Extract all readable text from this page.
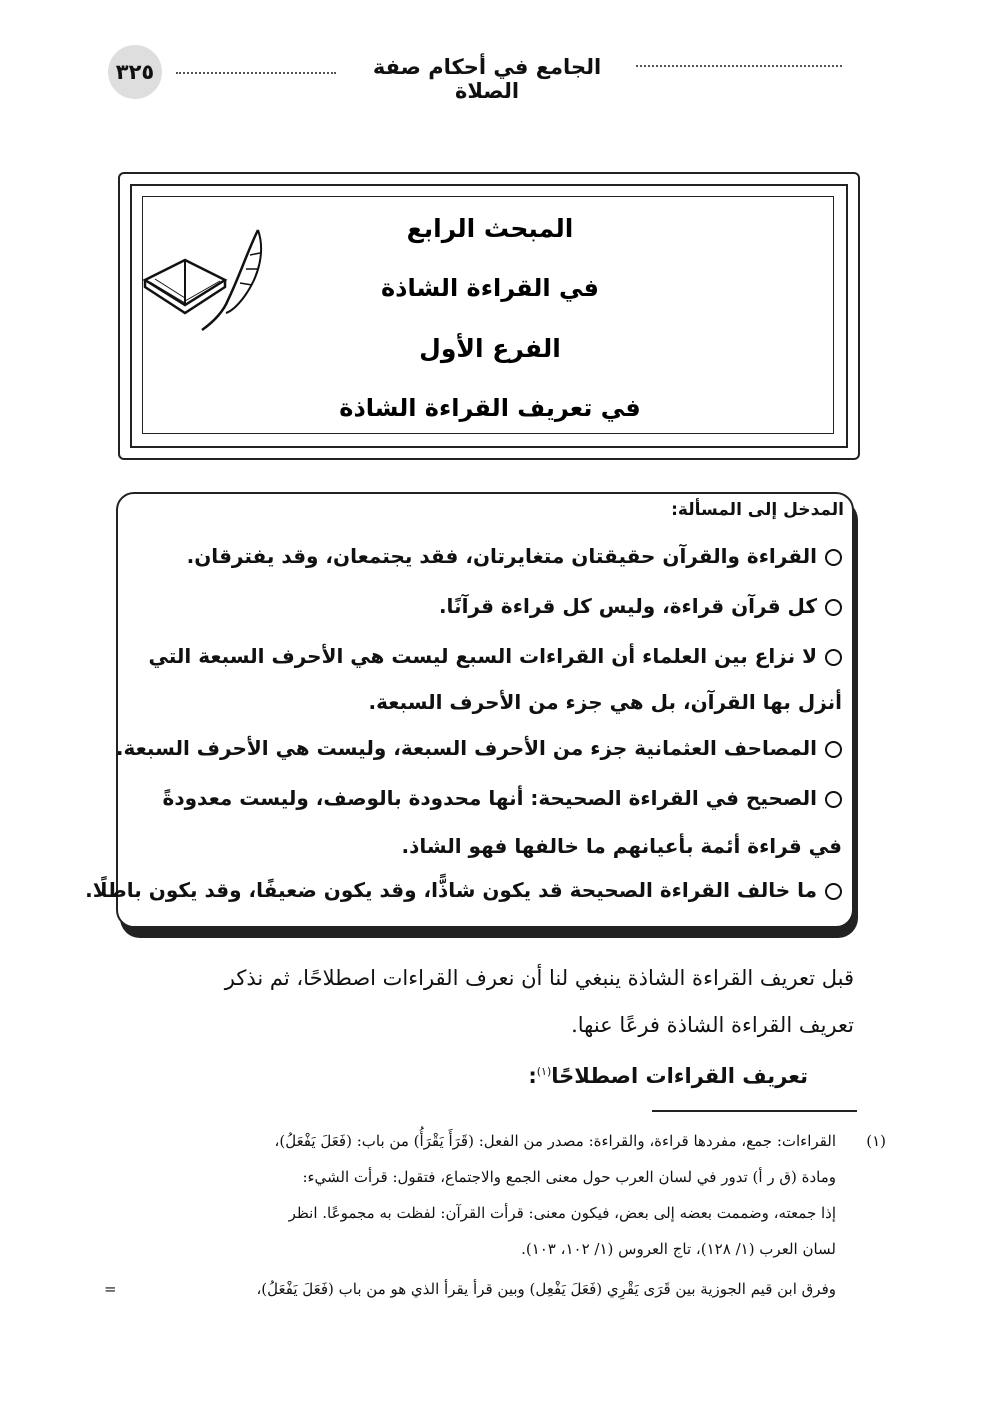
٣٢٥	الجامع في أحكام صفة الصلاة
المبحث الرابع
في القراءة الشاذة
الفرع الأول
في تعريف القراءة الشاذة
المدخل إلى المسألة:
القراءة والقرآن حقيقتان متغايرتان، فقد يجتمعان، وقد يفترقان.
كل قرآن قراءة، وليس كل قراءة قرآنًا.
لا نزاع بين العلماء أن القراءات السبع ليست هي الأحرف السبعة التي
أنزل بها القرآن، بل هي جزء من الأحرف السبعة.
المصاحف العثمانية جزء من الأحرف السبعة، وليست هي الأحرف السبعة.
الصحيح في القراءة الصحيحة: أنها محدودة بالوصف، وليست معدودةً
في قراءة أئمة بأعيانهم ما خالفها فهو الشاذ.
ما خالف القراءة الصحيحة قد يكون شاذًّا، وقد يكون ضعيفًا، وقد يكون باطلًا.
قبل تعريف القراءة الشاذة ينبغي لنا أن نعرف القراءات اصطلاحًا، ثم نذكر
تعريف القراءة الشاذة فرعًا عنها.
تعريف القراءات اصطلاحًا$^{(١)}$:
(١)
القراءات: جمع، مفردها قراءة، والقراءة: مصدر من الفعل: (قَرَأَ يَقْرَأُ) من باب: (فَعَلَ يَفْعَلُ)،
ومادة (ق ر أ) تدور في لسان العرب حول معنى الجمع والاجتماع، فتقول: قرأت الشيء:
إذا جمعته، وضممت بعضه إلى بعض، فيكون معنى: قرأت القرآن: لفظت به مجموعًا. انظر
لسان العرب (١/ ١٢٨)، تاج العروس (١/ ١٠٢، ١٠٣).
وفرق ابن قيم الجوزية بين قَرَى يَقْرِي (فَعَلَ يَفْعِل) وبين قرأ يقرأ الذي هو من باب (فَعَلَ يَفْعَلُ)،
=
